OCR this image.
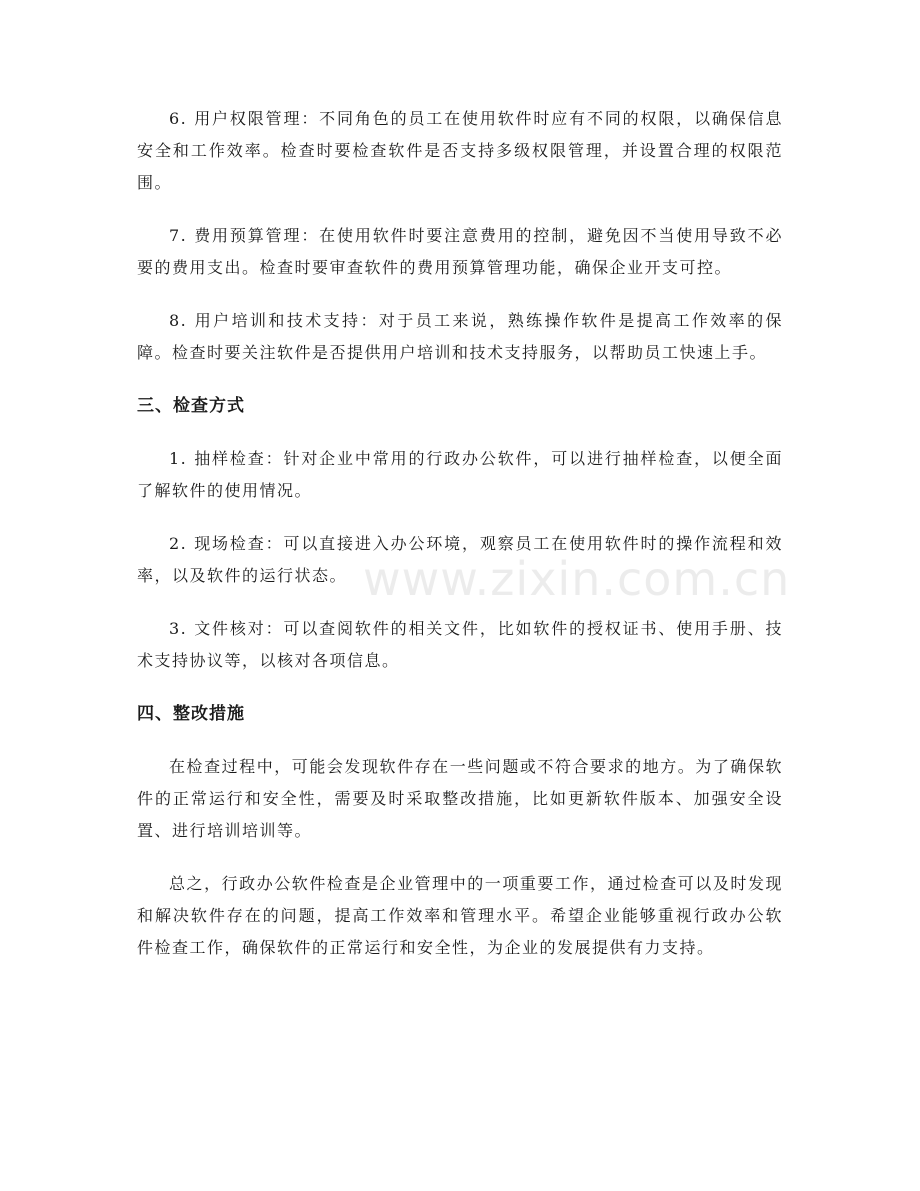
6. 用户权限管理：不同角色的员工在使用软件时应有不同的权限，以确保信息安全和工作效率。检查时要检查软件是否支持多级权限管理，并设置合理的权限范围。

7. 费用预算管理：在使用软件时要注意费用的控制，避免因不当使用导致不必要的费用支出。检查时要审查软件的费用预算管理功能，确保企业开支可控。

8. 用户培训和技术支持：对于员工来说，熟练操作软件是提高工作效率的保障。检查时要关注软件是否提供用户培训和技术支持服务，以帮助员工快速上手。

三、检查方式

1. 抽样检查：针对企业中常用的行政办公软件，可以进行抽样检查，以便全面了解软件的使用情况。

2. 现场检查：可以直接进入办公环境，观察员工在使用软件时的操作流程和效率，以及软件的运行状态。

3. 文件核对：可以查阅软件的相关文件，比如软件的授权证书、使用手册、技术支持协议等，以核对各项信息。

四、整改措施

在检查过程中，可能会发现软件存在一些问题或不符合要求的地方。为了确保软件的正常运行和安全性，需要及时采取整改措施，比如更新软件版本、加强安全设置、进行培训培训等。

总之，行政办公软件检查是企业管理中的一项重要工作，通过检查可以及时发现和解决软件存在的问题，提高工作效率和管理水平。希望企业能够重视行政办公软件检查工作，确保软件的正常运行和安全性，为企业的发展提供有力支持。

www.zixin.com.cn
